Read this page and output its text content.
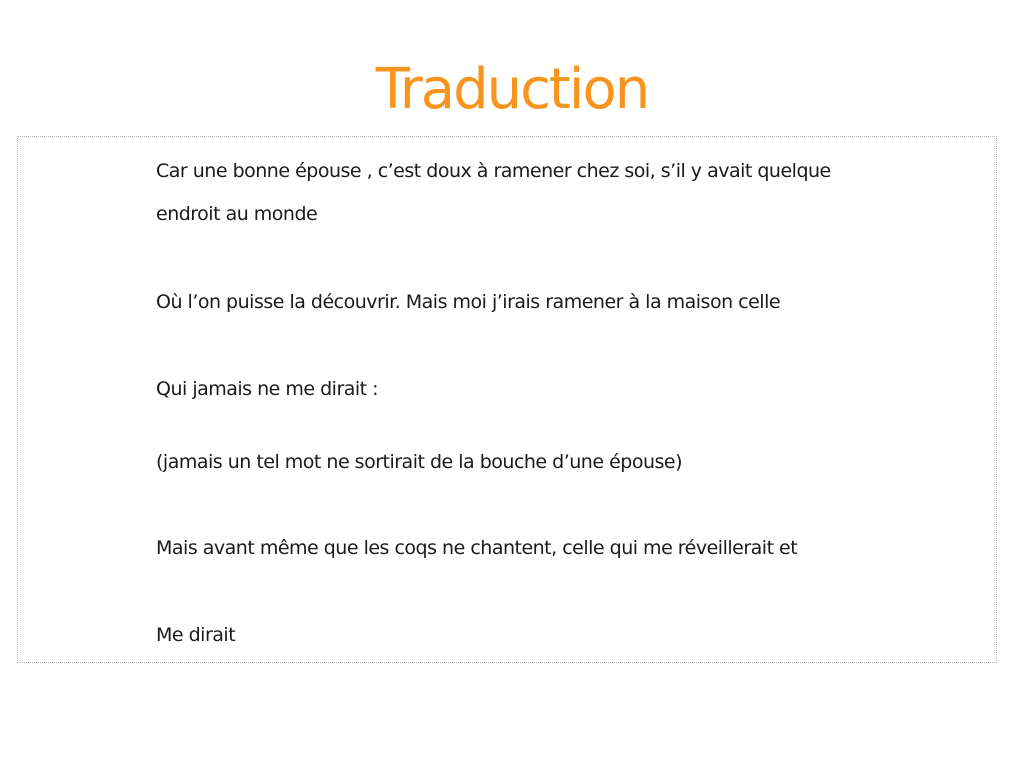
Traduction

Car une bonne épouse , c’est doux à ramener chez soi, s’il y avait quelque

endroit au monde

Où l’on puisse la découvrir. Mais moi j’irais ramener à la maison celle

Qui jamais ne me dirait :

(jamais un tel mot ne sortirait de la bouche d’une épouse)

Mais avant même que les coqs ne chantent, celle qui me réveillerait et

Me dirait
